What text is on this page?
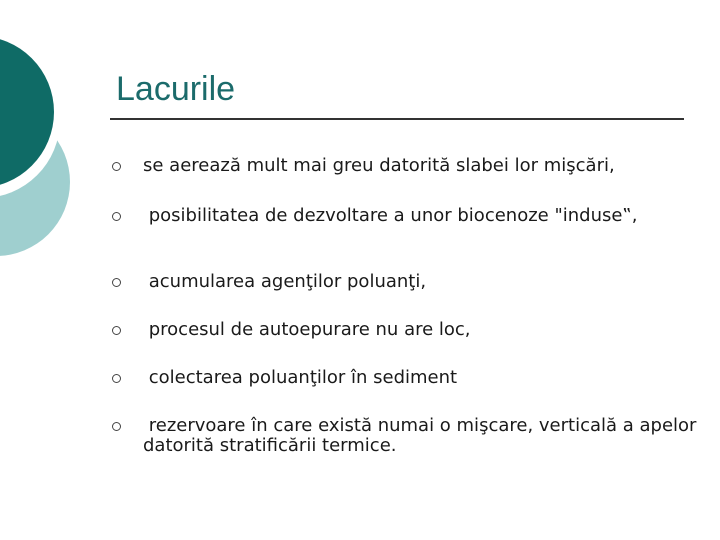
Lacurile
se aerează mult mai greu datorită slabei lor mişcări,
posibilitatea de dezvoltare a unor biocenoze "induse‟,
acumularea agenţilor poluanţi,
procesul de autoepurare nu are loc,
colectarea poluanţilor în sediment
rezervoare în care există numai o mişcare, verticală a apelor datorită stratificării termice.
